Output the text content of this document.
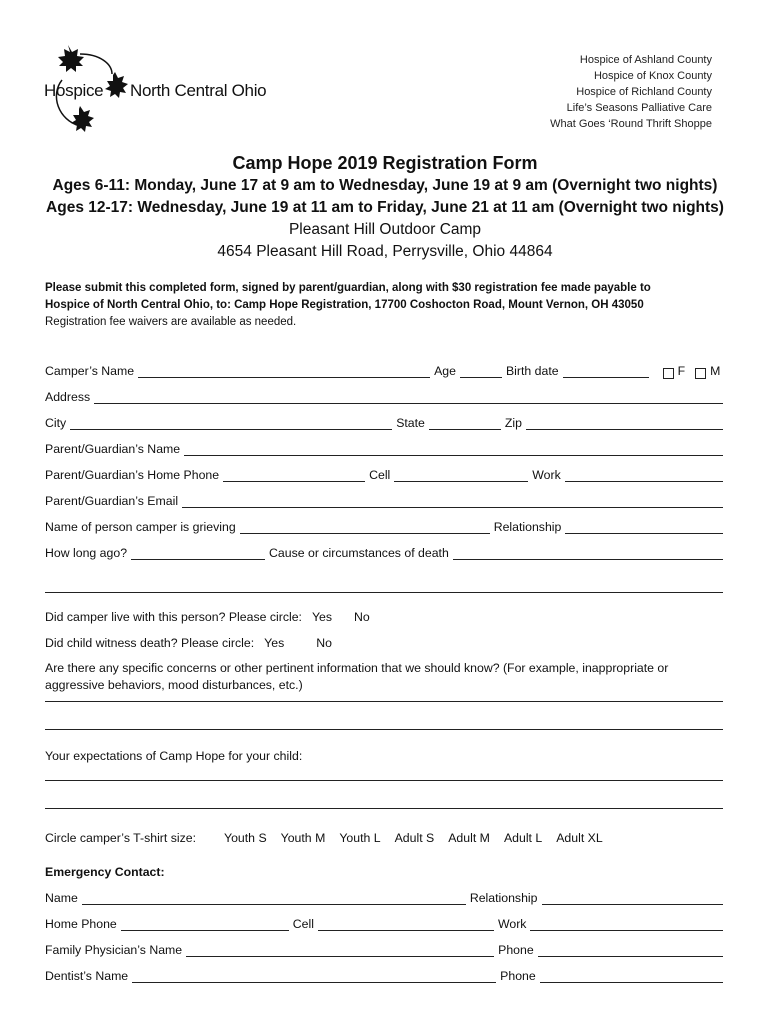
Hospice North Central Ohio
Hospice of Ashland County
Hospice of Knox County
Hospice of Richland County
Life’s Seasons Palliative Care
What Goes ‘Round Thrift Shoppe
Camp Hope 2019 Registration Form
Ages 6-11: Monday, June 17 at 9 am to Wednesday, June 19 at 9 am (Overnight two nights)
Ages 12-17: Wednesday, June 19 at 11 am to Friday, June 21 at 11 am (Overnight two nights)
Pleasant Hill Outdoor Camp
4654 Pleasant Hill Road, Perrysville, Ohio 44864
Please submit this completed form, signed by parent/guardian, along with $30 registration fee made payable to
Hospice of North Central Ohio, to: Camp Hope Registration, 17700 Coshocton Road, Mount Vernon, OH 43050
Registration fee waivers are available as needed.
Camper’s Name	Age	Birth date	F M
Address
City	State	Zip
Parent/Guardian’s Name
Parent/Guardian’s Home Phone	Cell	Work
Parent/Guardian’s Email
Name of person camper is grieving	Relationship
How long ago?	Cause or circumstances of death
Did camper live with this person? Please circle: Yes No
Did child witness death? Please circle: Yes	No
Are there any specific concerns or other pertinent information that we should know? (For example, inappropriate or
aggressive behaviors, mood disturbances, etc.)
Your expectations of Camp Hope for your child:
Circle camper’s T-shirt size: Youth S Youth M Youth L Adult S Adult M Adult L Adult XL
Emergency Contact:
Name	Relationship
Home Phone	Cell	Work
Family Physician’s Name	Phone
Dentist’s Name	Phone
